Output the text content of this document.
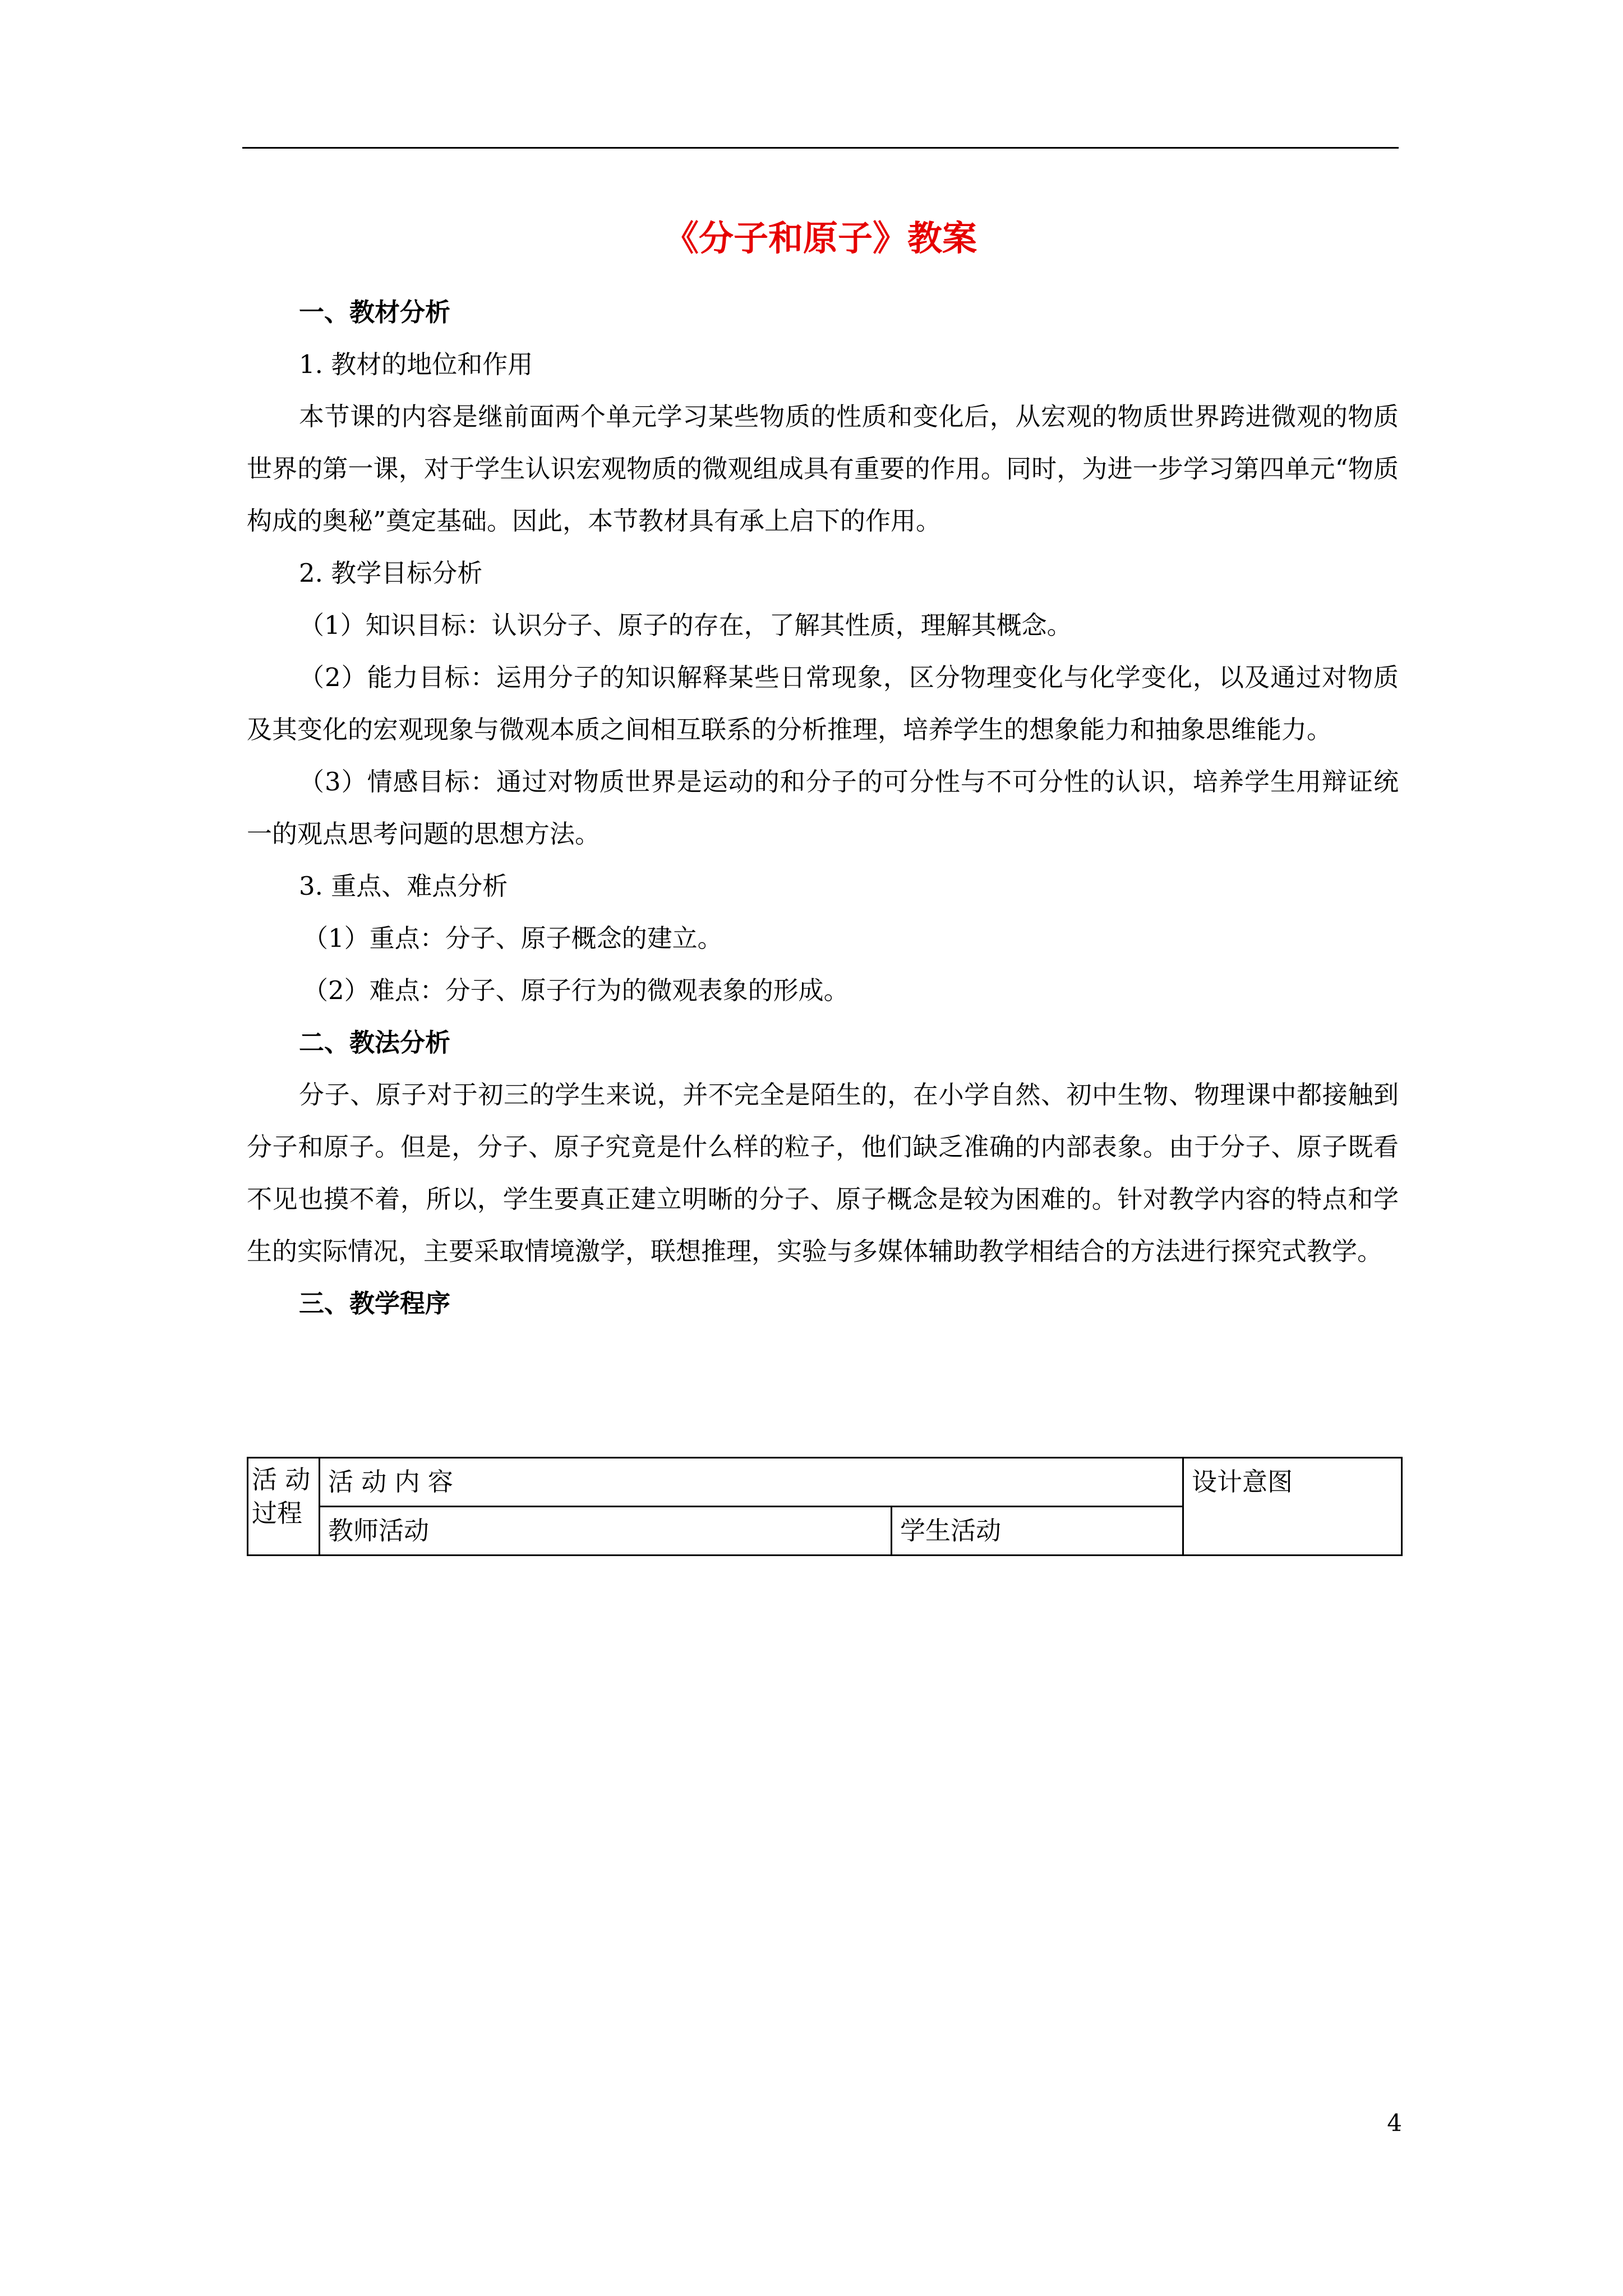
《分子和原子》教案

一、教材分析

1. 教材的地位和作用

本节课的内容是继前面两个单元学习某些物质的性质和变化后，从宏观的物质世界跨进微观的物质世界的第一课，对于学生认识宏观物质的微观组成具有重要的作用。同时，为进一步学习第四单元“物质构成的奥秘”奠定基础。因此，本节教材具有承上启下的作用。

2. 教学目标分析

（1）知识目标：认识分子、原子的存在，了解其性质，理解其概念。

（2）能力目标：运用分子的知识解释某些日常现象，区分物理变化与化学变化，以及通过对物质及其变化的宏观现象与微观本质之间相互联系的分析推理，培养学生的想象能力和抽象思维能力。

（3）情感目标：通过对物质世界是运动的和分子的可分性与不可分性的认识，培养学生用辩证统一的观点思考问题的思想方法。

3. 重点、难点分析

（1）重点：分子、原子概念的建立。

（2）难点：分子、原子行为的微观表象的形成。

二、教法分析

分子、原子对于初三的学生来说，并不完全是陌生的，在小学自然、初中生物、物理课中都接触到分子和原子。但是，分子、原子究竟是什么样的粒子，他们缺乏准确的内部表象。由于分子、原子既看不见也摸不着，所以，学生要真正建立明晰的分子、原子概念是较为困难的。针对教学内容的特点和学生的实际情况，主要采取情境激学，联想推理，实验与多媒体辅助教学相结合的方法进行探究式教学。

三、教学程序

活 动过程	活 动 内 容		设计意图
	教师活动	学生活动	
4
